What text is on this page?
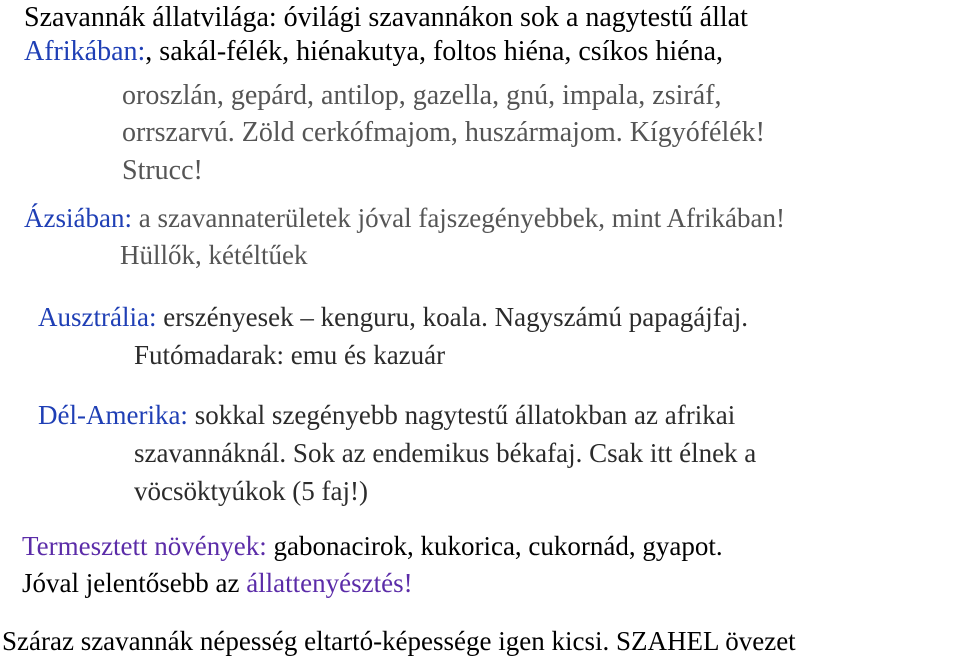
Szavannák állatvilága: óvilági szavannákon sok a nagytestű állat
Afrikában:, sakál-félék, hiénakutya, foltos hiéna, csíkos hiéna,
oroszlán, gepárd, antilop, gazella, gnú, impala, zsiráf,
orrszarvú. Zöld cerkófmajom, huszármajom. Kígyófélék!
Strucc!
Ázsiában: a szavannaterületek jóval fajszegényebbek, mint Afrikában!
Hüllők, kétéltűek
Ausztrália: erszényesek – kenguru, koala. Nagyszámú papagájfaj.
Futómadarak: emu és kazuár
Dél-Amerika: sokkal szegényebb nagytestű állatokban az afrikai
szavannáknál. Sok az endemikus békafaj. Csak itt élnek a
vöcsöktyúkok (5 faj!)
Termesztett növények: gabonacirok, kukorica, cukornád, gyapot.
Jóval jelentősebb az állattenyésztés!
Száraz szavannák népesség eltartó-képessége igen kicsi. SZAHEL övezet
